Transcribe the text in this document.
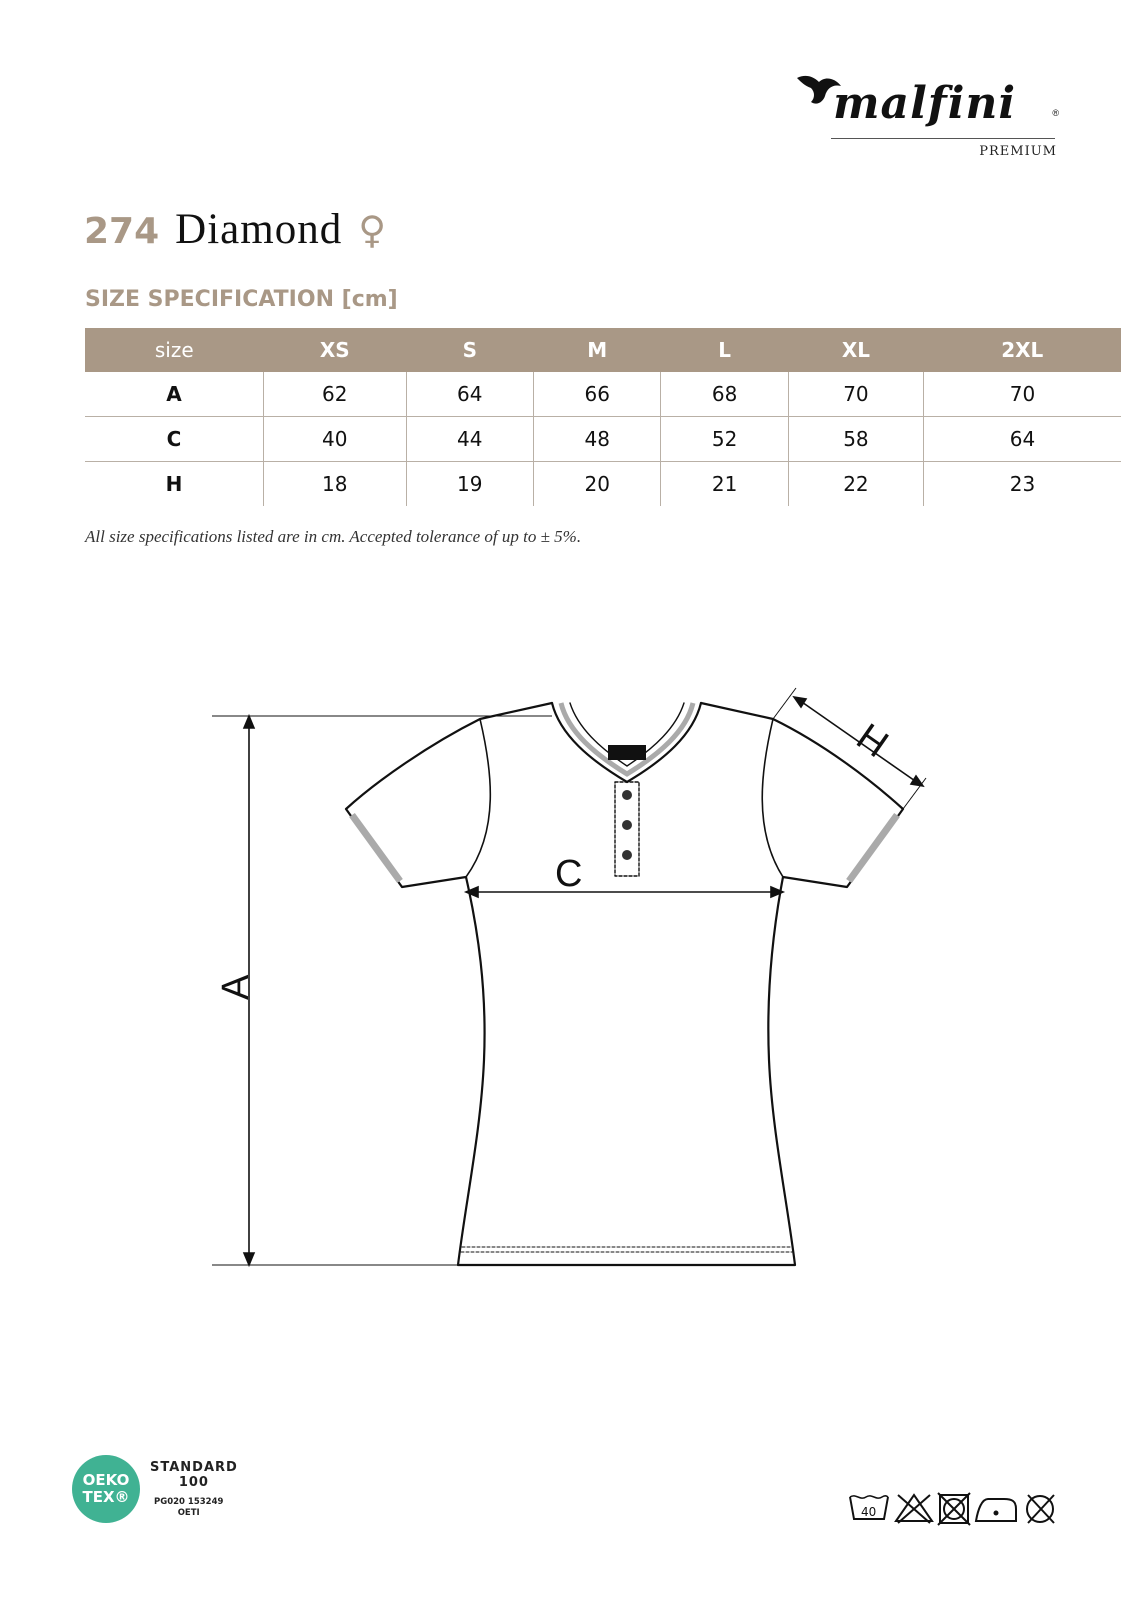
malfini	®
PREMIUM
274 Diamond ♀
SIZE SPECIFICATION [cm]
size	XS	S	M	L	XL	2XL
A	62	64	66	68	70	70
C	40	44	48	52	58	64
H	18	19	20	21	22	23
All size specifications listed are in cm. Accepted tolerance of up to ± 5%.
A
C
H
OEKO
TEX®
STANDARD
100
PG020 153249
OETI	40
